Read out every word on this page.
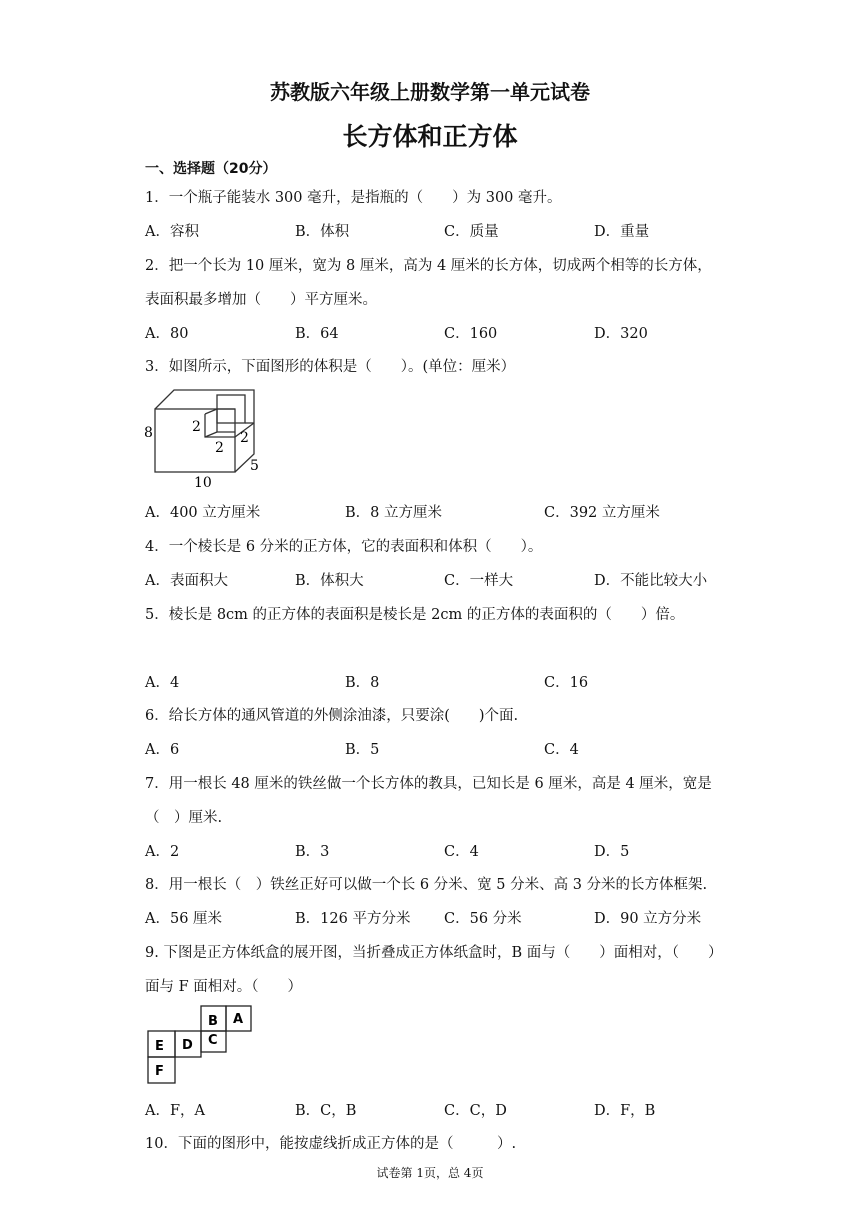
苏教版六年级上册数学第一单元试卷
长方体和正方体
一、选择题（20分）
1．一个瓶子能装水 300 毫升，是指瓶的（　　）为 300 毫升。
A．容积	B．体积	C．质量	D．重量
2．把一个长为 10 厘米，宽为 8 厘米，高为 4 厘米的长方体，切成两个相等的长方体，
表面积最多增加（　　）平方厘米。
A．80	B．64	C．160	D．320
3．如图所示，下面图形的体积是（　　）。(单位：厘米）
8	2
2
2
10
5
A．400 立方厘米	B．8 立方厘米	C．392 立方厘米
4．一个棱长是 6 分米的正方体，它的表面积和体积（　　）。
A．表面积大	B．体积大	C．一样大	D．不能比较大小
5．棱长是 8cm 的正方体的表面积是棱长是 2cm 的正方体的表面积的（　　）倍。
A．4	B．8	C．16
6．给长方体的通风管道的外侧涂油漆，只要涂(　　)个面.
A．6	B．5	C．4
7．用一根长 48 厘米的铁丝做一个长方体的教具，已知长是 6 厘米，高是 4 厘米，宽是
（　）厘米.
A．2	B．3	C．4	D．5
8．用一根长（　）铁丝正好可以做一个长 6 分米、宽 5 分米、高 3 分米的长方体框架.
A．56 厘米	B．126 平方分米 C．56 分米	D．90 立方分米
9. 下图是正方体纸盒的展开图，当折叠成正方体纸盒时，B 面与（　　）面相对，（　　）
面与 F 面相对。（　　）
B A
E D C
F
A．F，A	B．C，B	C．C，D	D．F，B
10．下面的图形中，能按虚线折成正方体的是（　　　）.
试卷第 1页，总 4页
